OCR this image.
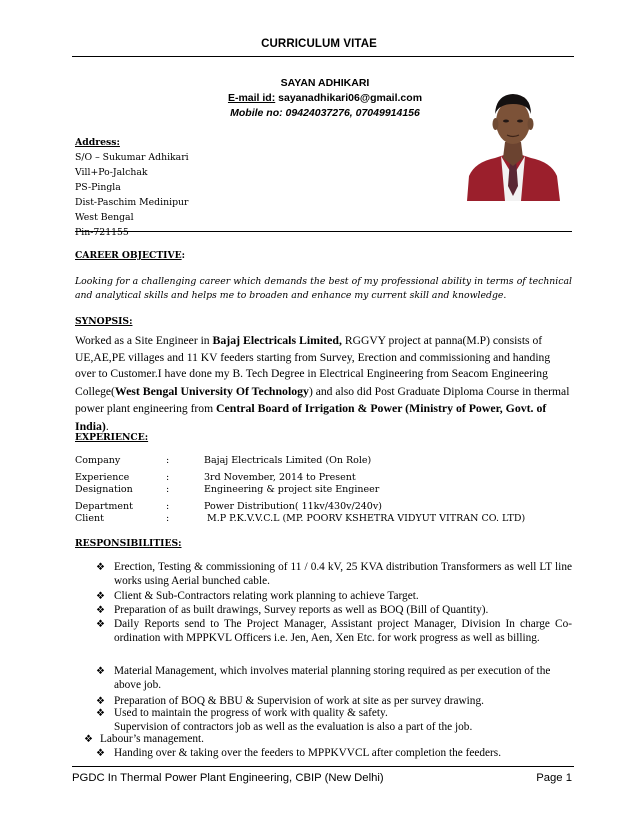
CURRICULUM VITAE
SAYAN ADHIKARI
E-mail id: sayanadhikari06@gmail.com
Mobile no: 09424037276, 07049914156
Address:
S/O – Sukumar Adhikari
Vill+Po-Jalchak
PS-Pingla
Dist-Paschim Medinipur
West Bengal
Pin-721155
CAREER OBJECTIVE:
Looking for a challenging career which demands the best of my professional ability in terms of technical and analytical skills and helps me to broaden and enhance my current skill and knowledge.
SYNOPSIS:
Worked as a Site Engineer in Bajaj Electricals Limited, RGGVY project at panna(M.P) consists of UE,AE,PE villages and 11 KV feeders starting from Survey, Erection and commissioning and handing over to Customer.I have done my B. Tech Degree in Electrical Engineering from Seacom Engineering College(West Bengal University Of Technology) and also did Post Graduate Diploma Course in thermal power plant engineering from Central Board of Irrigation & Power (Ministry of Power, Govt. of India).
EXPERIENCE:
Company	:	Bajaj Electricals Limited (On Role)
Experience	:	3rd November, 2014 to Present
Designation	:	Engineering & project site Engineer
Department	:	Power Distribution( 11kv/430v/240v)
Client	:	M.P P.K.V.V.C.L (MP. POORV KSHETRA VIDYUT VITRAN CO. LTD)
RESPONSIBILITIES:
❖ Erection, Testing & commissioning of 11 / 0.4 kV, 25 KVA distribution Transformers as well LT line works using Aerial bunched cable.
❖ Client & Sub-Contractors relating work planning to achieve Target.
❖ Preparation of as built drawings, Survey reports as well as BOQ (Bill of Quantity).
❖ Daily Reports send to The Project Manager, Assistant project Manager, Division In charge Co-ordination with MPPKVL Officers i.e. Jen, Aen, Xen Etc. for work progress as well as billing.
❖ Material Management, which involves material planning storing required as per execution of the above job.
❖ Preparation of BOQ & BBU & Supervision of work at site as per survey drawing.
❖ Used to maintain the progress of work with quality & safety.
Supervision of contractors job as well as the evaluation is also a part of the job.
❖ Labour’s management.
❖ Handing over & taking over the feeders to MPPKVVCL after completion the feeders.
PGDC In Thermal Power Plant Engineering, CBIP (New Delhi)	Page 1
